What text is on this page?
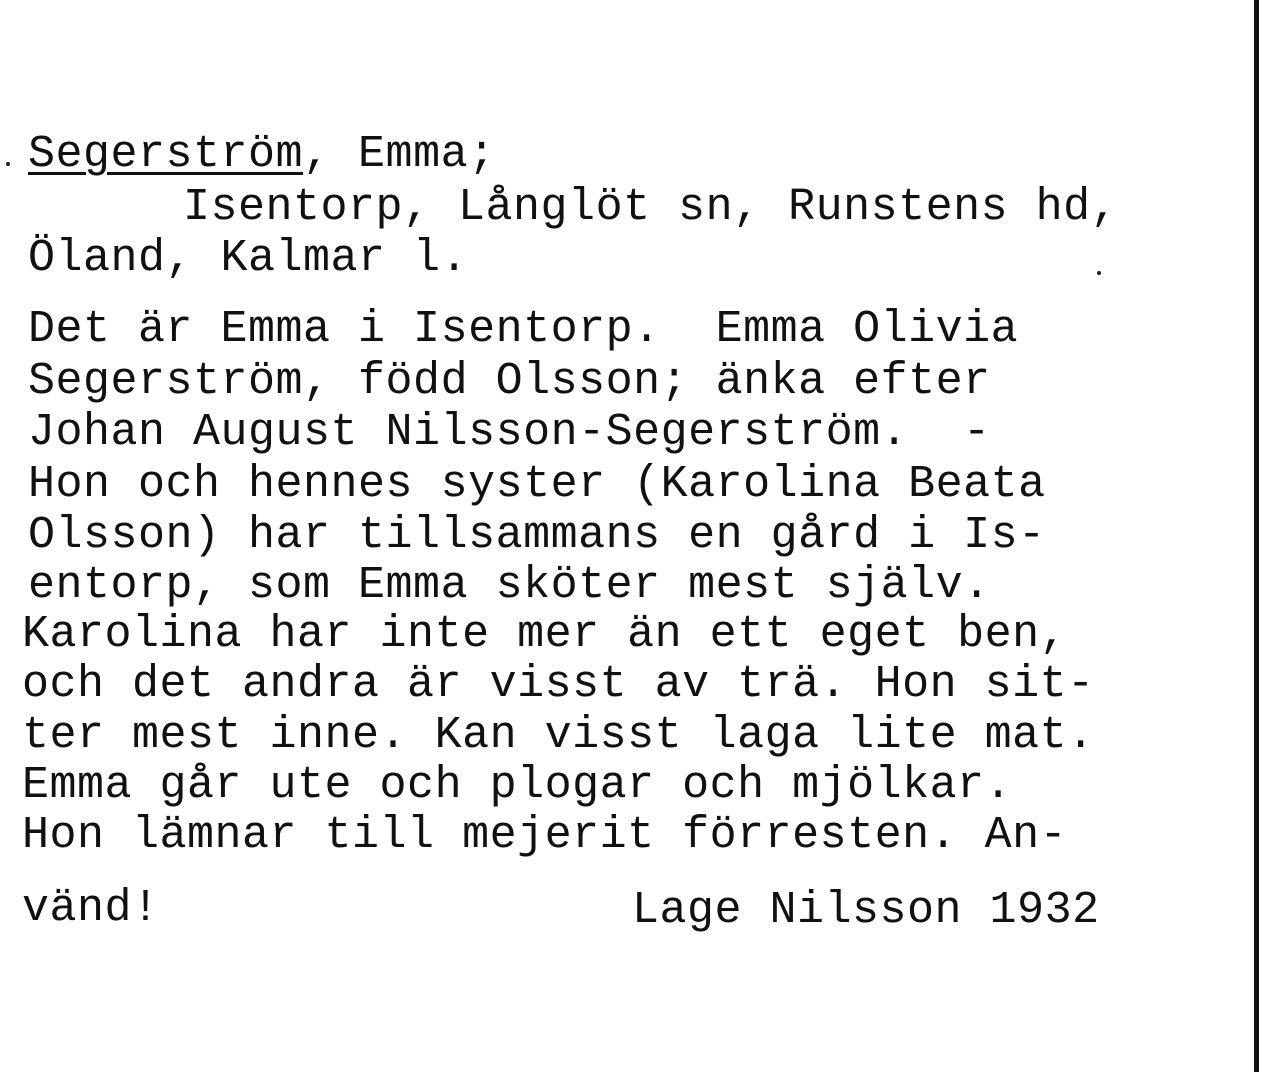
Segerström, Emma;
Isentorp, Långlöt sn, Runstens hd,
Öland, Kalmar l.
Det är Emma i Isentorp.  Emma Olivia
Segerström, född Olsson; änka efter
Johan August Nilsson-Segerström.  -
Hon och hennes syster (Karolina Beata
Olsson) har tillsammans en gård i Is-
entorp, som Emma sköter mest själv.
Karolina har inte mer än ett eget ben,
och det andra är visst av trä. Hon sit-
ter mest inne. Kan visst laga lite mat.
Emma går ute och plogar och mjölkar.
Hon lämnar till mejerit förresten. An-
vänd!	Lage Nilsson 1932
